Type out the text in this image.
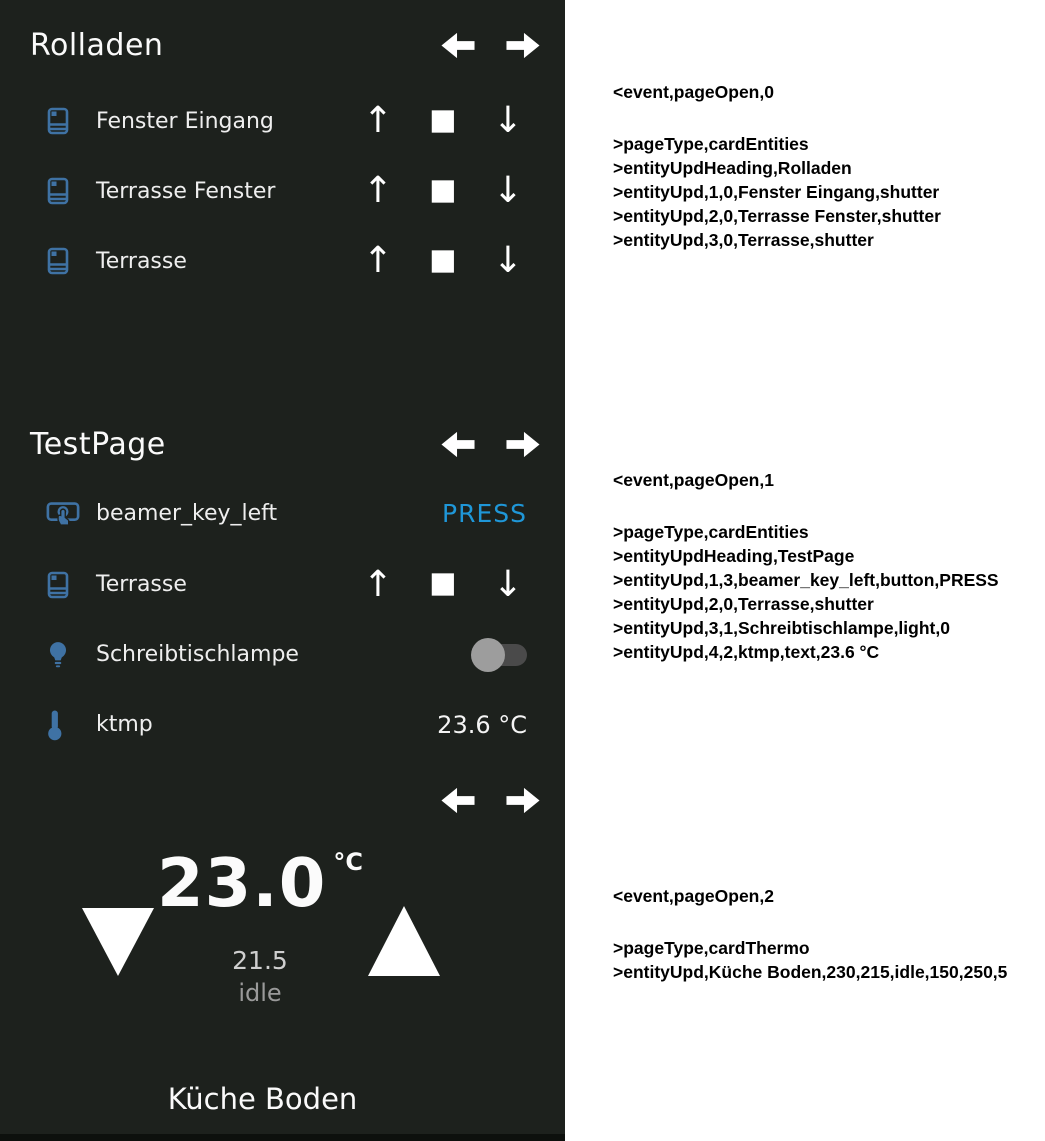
Rolladen
Fenster Eingang ↑ ■ ↓
Terrasse Fenster ↑ ■ ↓
Terrasse	↑ ■ ↓
TestPage
beamer_key_left	PRESS
Terrasse	↑ ■ ↓
Schreibtischlampe
ktmp	23.6 °C
23.0 °C
21.5
idle
Küche Boden
<event,pageOpen,0
>pageType,cardEntities
>entityUpdHeading,Rolladen
>entityUpd,1,0,Fenster Eingang,shutter
>entityUpd,2,0,Terrasse Fenster,shutter
>entityUpd,3,0,Terrasse,shutter
<event,pageOpen,1
>pageType,cardEntities
>entityUpdHeading,TestPage
>entityUpd,1,3,beamer_key_left,button,PRESS
>entityUpd,2,0,Terrasse,shutter
>entityUpd,3,1,Schreibtischlampe,light,0
>entityUpd,4,2,ktmp,text,23.6 °C
<event,pageOpen,2
>pageType,cardThermo
>entityUpd,Küche Boden,230,215,idle,150,250,5
